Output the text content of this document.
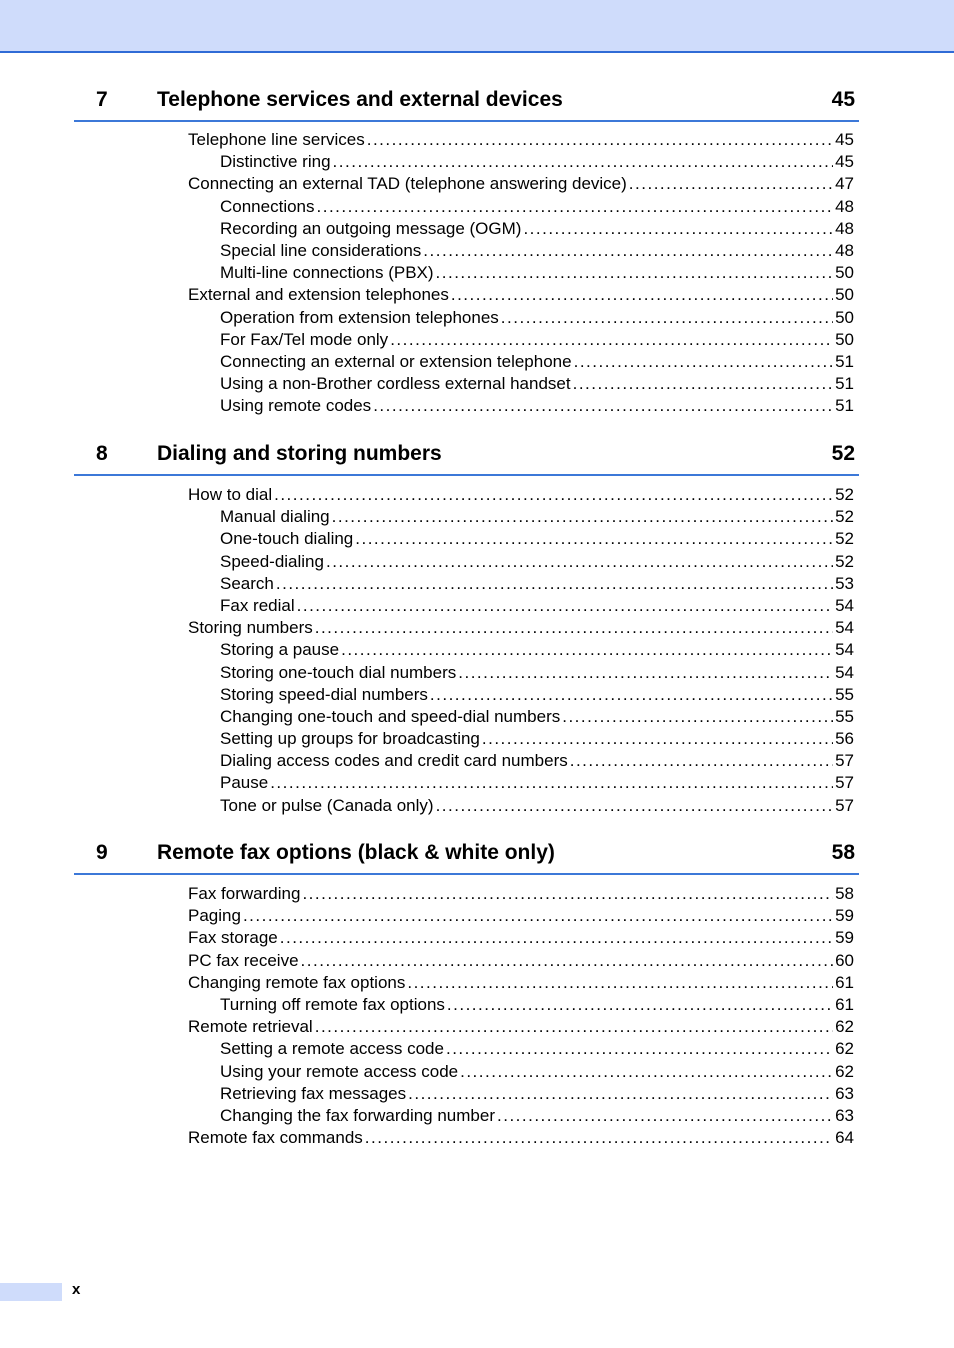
7 Telephone services and external devices	45
Telephone line services .....	45
Distinctive ring .....	45
Connecting an external TAD (telephone answering device) .....	47
Connections .....	48
Recording an outgoing message (OGM) .....	48
Special line considerations .....	48
Multi-line connections (PBX) .....	50
External and extension telephones .....	50
Operation from extension telephones .....	50
For Fax/Tel mode only .....	50
Connecting an external or extension telephone .....	51
Using a non-Brother cordless external handset .....	51
Using remote codes .....	51
8 Dialing and storing numbers	52
How to dial .....	52
Manual dialing .....	52
One-touch dialing .....	52
Speed-dialing .....	52
Search .....	53
Fax redial .....	54
Storing numbers .....	54
Storing a pause .....	54
Storing one-touch dial numbers .....	54
Storing speed-dial numbers .....	55
Changing one-touch and speed-dial numbers .....	55
Setting up groups for broadcasting .....	56
Dialing access codes and credit card numbers .....	57
Pause .....	57
Tone or pulse (Canada only) .....	57
9 Remote fax options (black & white only)	58
Fax forwarding .....	58
Paging .....	59
Fax storage .....	59
PC fax receive .....	60
Changing remote fax options .....	61
Turning off remote fax options .....	61
Remote retrieval .....	62
Setting a remote access code .....	62
Using your remote access code .....	62
Retrieving fax messages .....	63
Changing the fax forwarding number .....	63
Remote fax commands .....	64
x
